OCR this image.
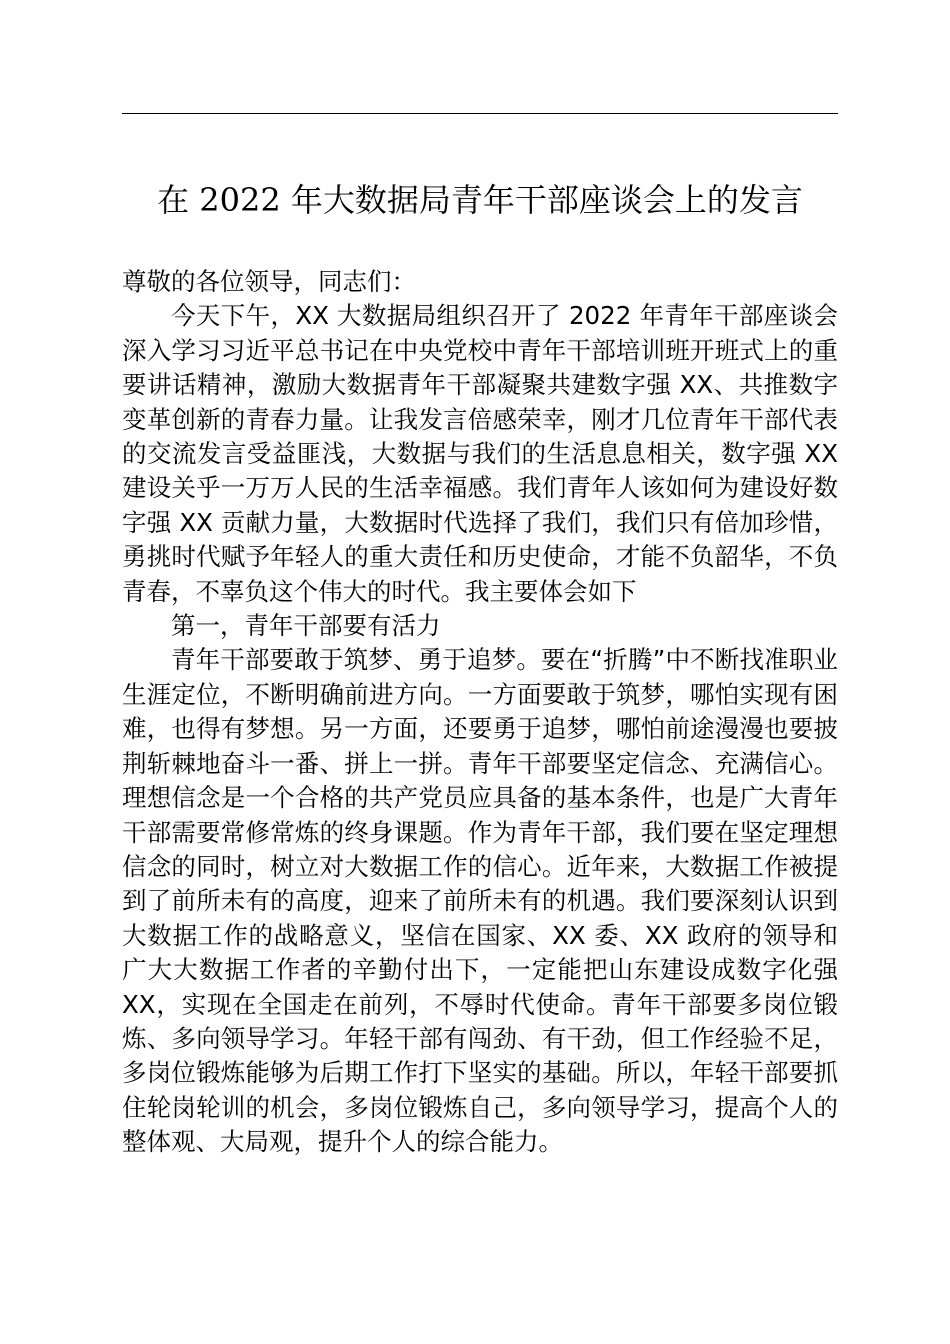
在 2022 年大数据局青年干部座谈会上的发言

尊敬的各位领导，同志们：

今天下午，XX 大数据局组织召开了 2022 年青年干部座谈会深入学习习近平总书记在中央党校中青年干部培训班开班式上的重要讲话精神，激励大数据青年干部凝聚共建数字强 XX、共推数字变革创新的青春力量。让我发言倍感荣幸，刚才几位青年干部代表的交流发言受益匪浅，大数据与我们的生活息息相关，数字强 XX 建设关乎一万万人民的生活幸福感。我们青年人该如何为建设好数字强 XX 贡献力量，大数据时代选择了我们，我们只有倍加珍惜，勇挑时代赋予年轻人的重大责任和历史使命，才能不负韶华，不负青春，不辜负这个伟大的时代。我主要体会如下

第一，青年干部要有活力

青年干部要敢于筑梦、勇于追梦。要在“折腾”中不断找准职业生涯定位，不断明确前进方向。一方面要敢于筑梦，哪怕实现有困难，也得有梦想。另一方面，还要勇于追梦，哪怕前途漫漫也要披荆斩棘地奋斗一番、拼上一拼。青年干部要坚定信念、充满信心。理想信念是一个合格的共产党员应具备的基本条件，也是广大青年干部需要常修常炼的终身课题。作为青年干部，我们要在坚定理想信念的同时，树立对大数据工作的信心。近年来，大数据工作被提到了前所未有的高度，迎来了前所未有的机遇。我们要深刻认识到大数据工作的战略意义，坚信在国家、XX 委、XX 政府的领导和广大大数据工作者的辛勤付出下，一定能把山东建设成数字化强 XX，实现在全国走在前列，不辱时代使命。青年干部要多岗位锻炼、多向领导学习。年轻干部有闯劲、有干劲，但工作经验不足，多岗位锻炼能够为后期工作打下坚实的基础。所以，年轻干部要抓住轮岗轮训的机会，多岗位锻炼自己，多向领导学习，提高个人的整体观、大局观，提升个人的综合能力。
